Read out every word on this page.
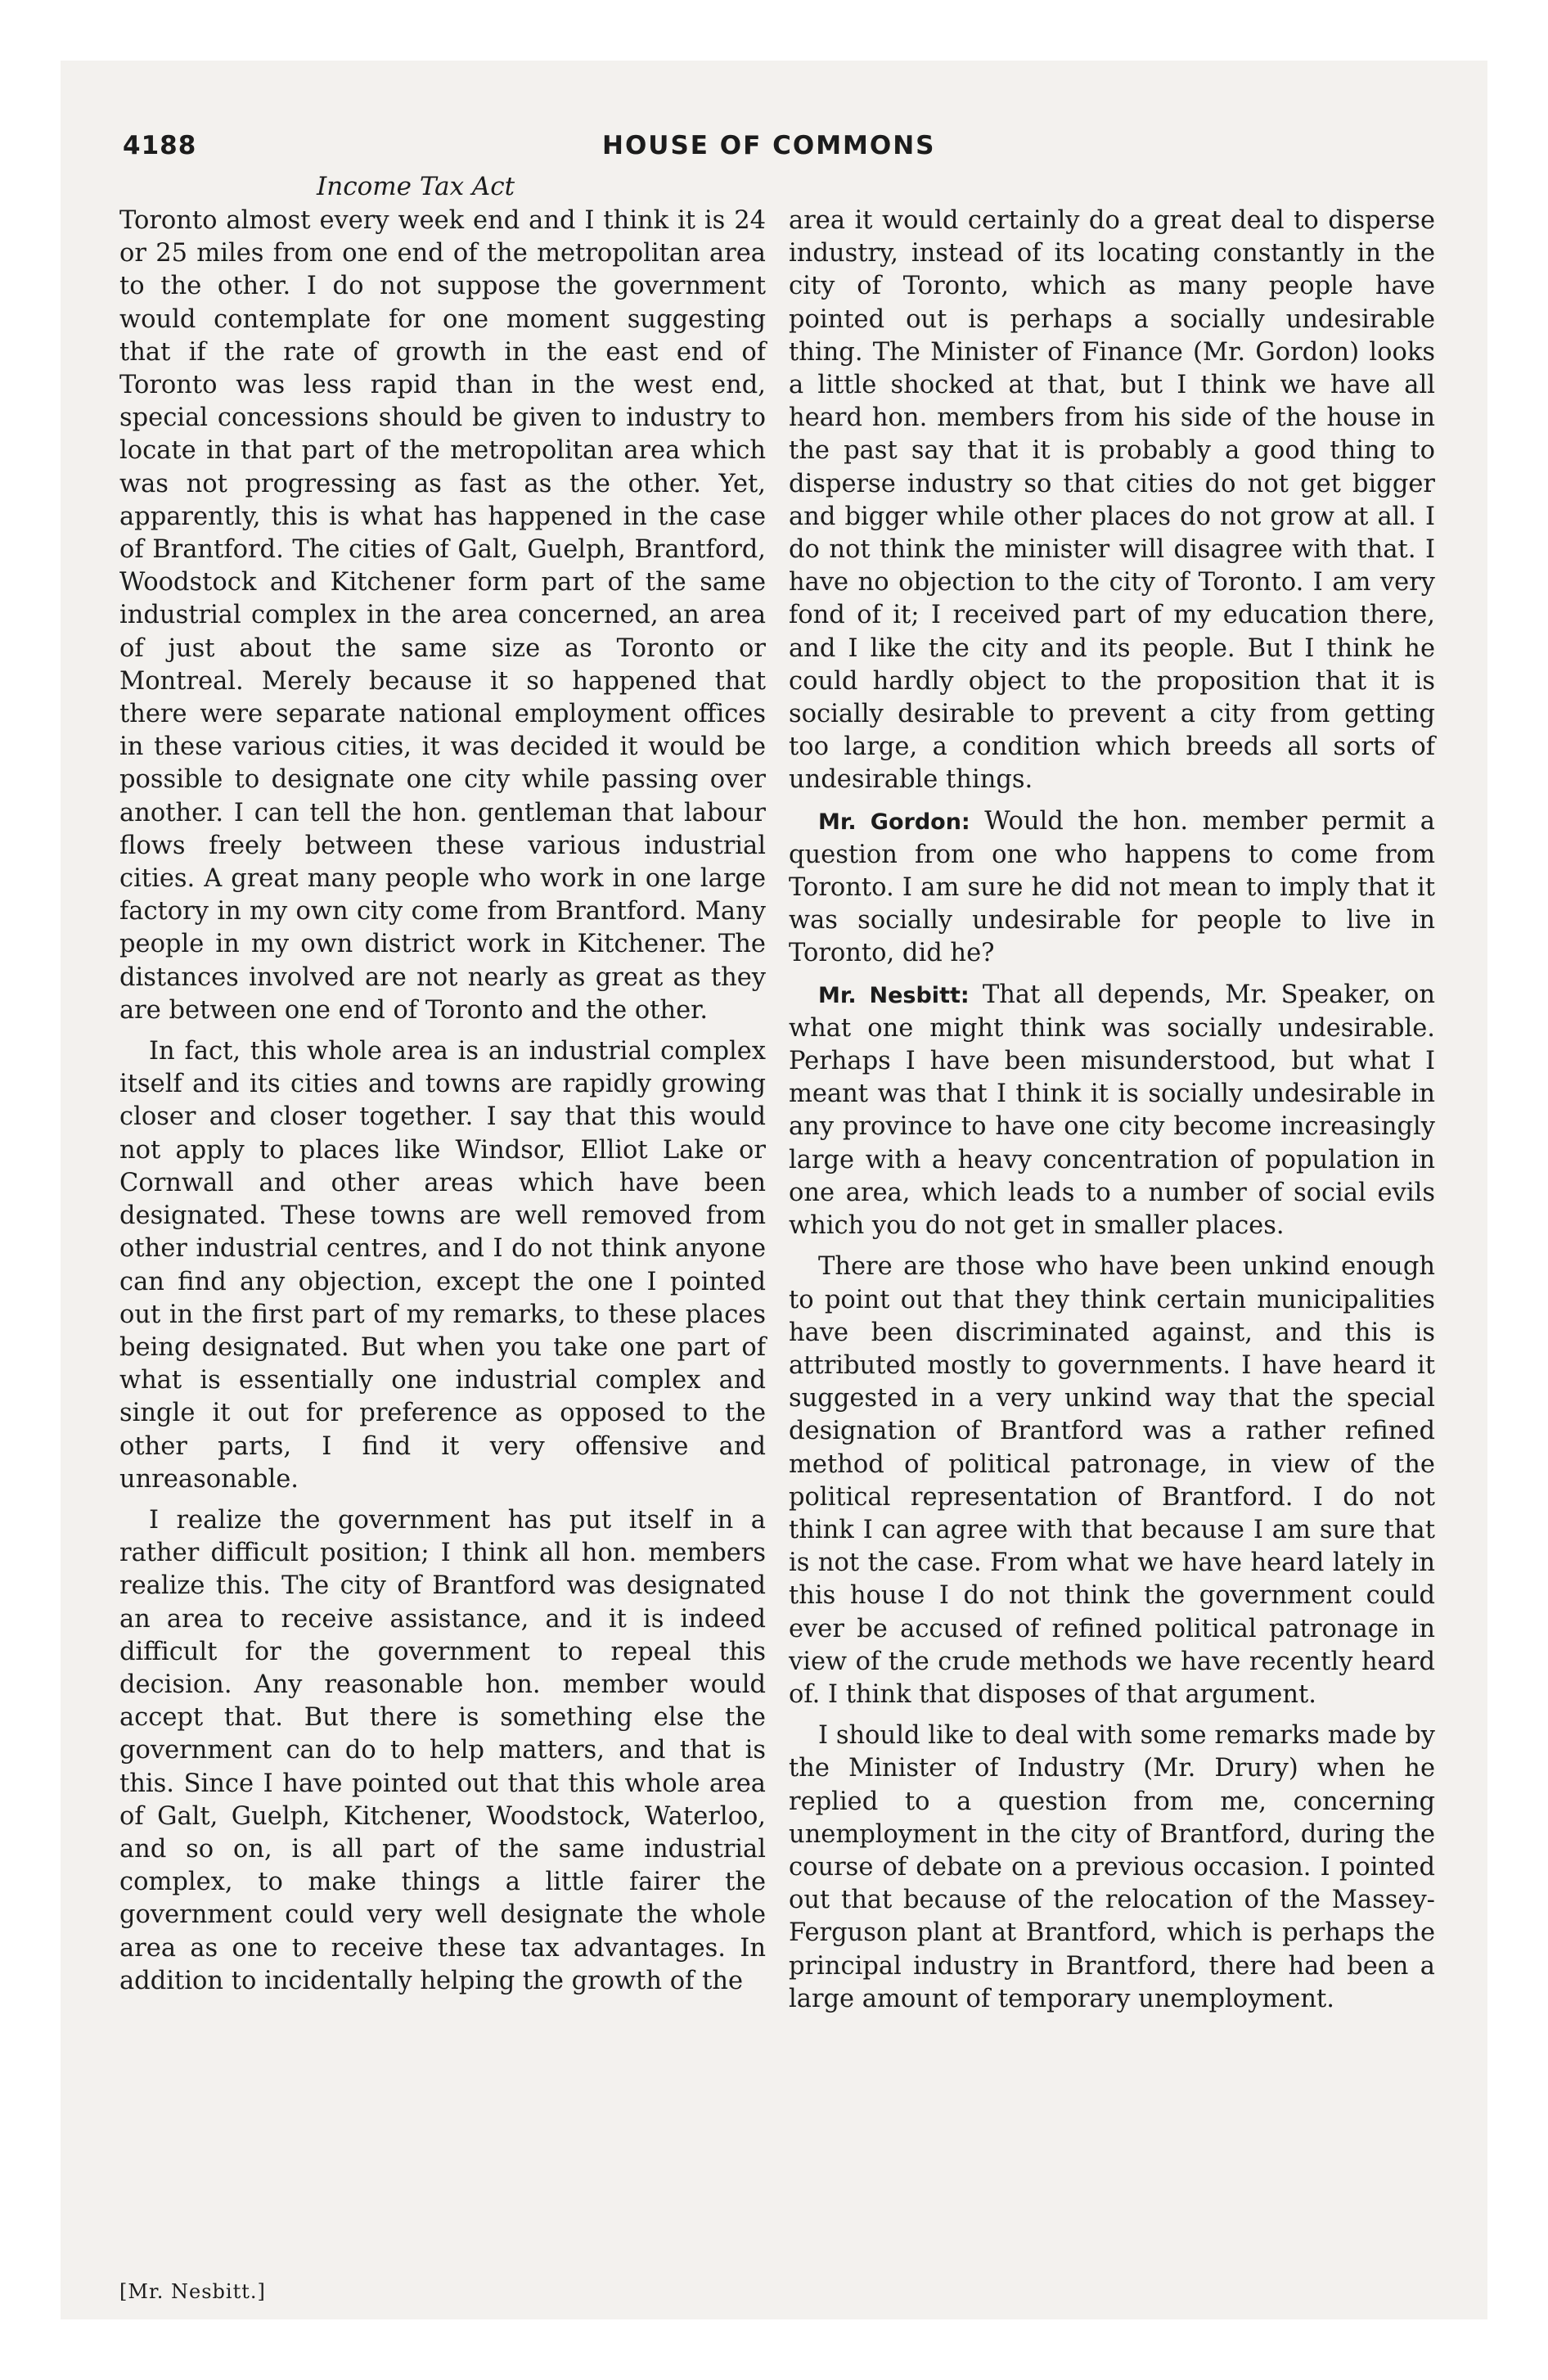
4188	HOUSE OF COMMONS
Income Tax Act

Toronto almost every week end and I think it is 24 or 25 miles from one end of the metropolitan area to the other. I do not suppose the government would contemplate for one moment suggesting that if the rate of growth in the east end of Toronto was less rapid than in the west end, special concessions should be given to industry to locate in that part of the metropolitan area which was not progressing as fast as the other. Yet, apparently, this is what has happened in the case of Brantford. The cities of Galt, Guelph, Brantford, Woodstock and Kitchener form part of the same industrial complex in the area concerned, an area of just about the same size as Toronto or Montreal. Merely because it so happened that there were separate national employment offices in these various cities, it was decided it would be possible to designate one city while passing over another. I can tell the hon. gentleman that labour flows freely between these various industrial cities. A great many people who work in one large factory in my own city come from Brantford. Many people in my own district work in Kitchener. The distances involved are not nearly as great as they are between one end of Toronto and the other.

In fact, this whole area is an industrial complex itself and its cities and towns are rapidly growing closer and closer together. I say that this would not apply to places like Windsor, Elliot Lake or Cornwall and other areas which have been designated. These towns are well removed from other industrial centres, and I do not think anyone can find any objection, except the one I pointed out in the first part of my remarks, to these places being designated. But when you take one part of what is essentially one industrial complex and single it out for preference as opposed to the other parts, I find it very offensive and unreasonable.

I realize the government has put itself in a rather difficult position; I think all hon. members realize this. The city of Brantford was designated an area to receive assistance, and it is indeed difficult for the government to repeal this decision. Any reasonable hon. member would accept that. But there is something else the government can do to help matters, and that is this. Since I have pointed out that this whole area of Galt, Guelph, Kitchener, Woodstock, Waterloo, and so on, is all part of the same industrial complex, to make things a little fairer the government could very well designate the whole area as one to receive these tax advantages. In addition to incidentally helping the growth of the

area it would certainly do a great deal to disperse industry, instead of its locating constantly in the city of Toronto, which as many people have pointed out is perhaps a socially undesirable thing. The Minister of Finance (Mr. Gordon) looks a little shocked at that, but I think we have all heard hon. members from his side of the house in the past say that it is probably a good thing to disperse industry so that cities do not get bigger and bigger while other places do not grow at all. I do not think the minister will disagree with that. I have no objection to the city of Toronto. I am very fond of it; I received part of my education there, and I like the city and its people. But I think he could hardly object to the proposition that it is socially desirable to prevent a city from getting too large, a condition which breeds all sorts of undesirable things.

Mr. Gordon: Would the hon. member permit a question from one who happens to come from Toronto. I am sure he did not mean to imply that it was socially undesirable for people to live in Toronto, did he?

Mr. Nesbitt: That all depends, Mr. Speaker, on what one might think was socially undesirable. Perhaps I have been misunderstood, but what I meant was that I think it is socially undesirable in any province to have one city become increasingly large with a heavy concentration of population in one area, which leads to a number of social evils which you do not get in smaller places.

There are those who have been unkind enough to point out that they think certain municipalities have been discriminated against, and this is attributed mostly to governments. I have heard it suggested in a very unkind way that the special designation of Brantford was a rather refined method of political patronage, in view of the political representation of Brantford. I do not think I can agree with that because I am sure that is not the case. From what we have heard lately in this house I do not think the government could ever be accused of refined political patronage in view of the crude methods we have recently heard of. I think that disposes of that argument.

I should like to deal with some remarks made by the Minister of Industry (Mr. Drury) when he replied to a question from me, concerning unemployment in the city of Brantford, during the course of debate on a previous occasion. I pointed out that because of the relocation of the Massey-Ferguson plant at Brantford, which is perhaps the principal industry in Brantford, there had been a large amount of temporary unemployment.

[Mr. Nesbitt.]
